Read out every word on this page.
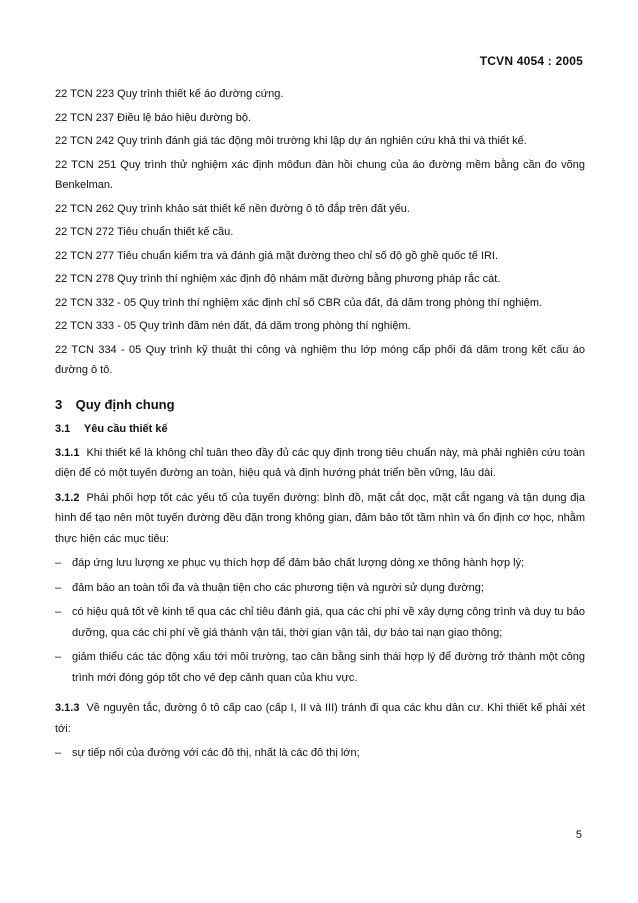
TCVN 4054 : 2005

22 TCN 223 Quy trình thiết kế áo đường cứng.

22 TCN 237 Điều lệ báo hiệu đường bộ.

22 TCN 242 Quy trình đánh giá tác động môi trường khi lập dự án nghiên cứu khả thi và thiết kế.

22 TCN 251 Quy trình thử nghiệm xác định môđun đàn hồi chung của áo đường mềm bằng cần đo võng Benkelman.

22 TCN 262 Quy trình khảo sát thiết kế nền đường ô tô đắp trên đất yếu.

22 TCN 272 Tiêu chuẩn thiết kế cầu.

22 TCN 277 Tiêu chuẩn kiểm tra và đánh giá mặt đường theo chỉ số độ gồ ghề quốc tế IRI.

22 TCN 278 Quy trình thí nghiệm xác định độ nhám mặt đường bằng phương pháp rắc cát.

22 TCN 332 - 05 Quy trình thí nghiệm xác định chỉ số CBR của đất, đá dăm trong phòng thí nghiệm.

22 TCN 333 - 05 Quy trình đầm nén đất, đá dăm trong phòng thí nghiệm.

22 TCN 334 - 05 Quy trình kỹ thuật thi công và nghiệm thu lớp móng cấp phối đá dăm trong kết cấu áo đường ô tô.

3 Quy định chung
3.1 Yêu cầu thiết kế

3.1.1 Khi thiết kế là không chỉ tuân theo đầy đủ các quy định trong tiêu chuẩn này, mà phải nghiên cứu toàn diện để có một tuyến đường an toàn, hiệu quả và định hướng phát triển bền vững, lâu dài.

3.1.2 Phải phối hợp tốt các yếu tố của tuyến đường: bình đồ, mặt cắt dọc, mặt cắt ngang và tận dụng địa hình để tạo nên một tuyến đường đều đặn trong không gian, đảm bảo tốt tầm nhìn và ổn định cơ học, nhằm thực hiện các mục tiêu:

– đáp ứng lưu lượng xe phục vụ thích hợp để đảm bảo chất lượng dòng xe thông hành hợp lý;
– đảm bảo an toàn tối đa và thuận tiện cho các phương tiện và người sử dụng đường;
– có hiệu quả tốt về kinh tế qua các chỉ tiêu đánh giá, qua các chi phí về xây dựng công trình và duy tu bảo dưỡng, qua các chi phí về giá thành vận tải, thời gian vận tải, dự báo tai nạn giao thông;
– giảm thiểu các tác động xấu tới môi trường, tạo cân bằng sinh thái hợp lý để đường trở thành một công trình mới đóng góp tốt cho vẻ đẹp cảnh quan của khu vực.

3.1.3 Về nguyên tắc, đường ô tô cấp cao (cấp I, II và III) tránh đi qua các khu dân cư. Khi thiết kế phải xét tới:

– sự tiếp nối của đường với các đô thị, nhất là các đô thị lớn;
5
